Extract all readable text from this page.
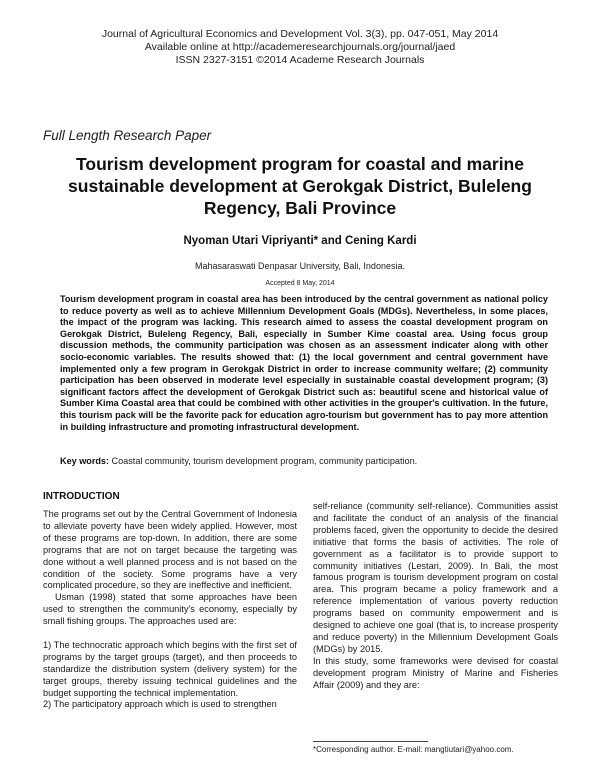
Journal of Agricultural Economics and Development Vol. 3(3), pp. 047-051, May 2014
Available online at http://academeresearchjournals.org/journal/jaed
ISSN 2327-3151 ©2014 Academe Research Journals
Full Length Research Paper
Tourism development program for coastal and marine sustainable development at Gerokgak District, Buleleng Regency, Bali Province
Nyoman Utari Vipriyanti* and Cening Kardi
Mahasaraswati Denpasar University, Bali, Indonesia.
Accepted 8 May, 2014
Tourism development program in coastal area has been introduced by the central government as national policy to reduce poverty as well as to achieve Millennium Development Goals (MDGs). Nevertheless, in some places, the impact of the program was lacking. This research aimed to assess the coastal development program on Gerokgak District, Buleleng Regency, Bali, especially in Sumber Kime coastal area. Using focus group discussion methods, the community participation was chosen as an assessment indicater along with other socio-economic variables. The results showed that: (1) the local government and central government have implemented only a few program in Gerokgak District in order to increase community welfare; (2) community participation has been observed in moderate level especially in sustainable coastal development program; (3) significant factors affect the development of Gerokgak District such as: beautiful scene and historical value of Sumber Kima Coastal area that could be combined with other activities in the grouper's cultivation. In the future, this tourism pack will be the favorite pack for education agro-tourism but government has to pay more attention in building infrastructure and promoting infrastructural development.
Key words: Coastal community, tourism development program, community participation.
INTRODUCTION

The programs set out by the Central Government of Indonesia to alleviate poverty have been widely applied. However, most of these programs are top-down. In addition, there are some programs that are not on target because the targeting was done without a well planned process and is not based on the condition of the society. Some programs have a very complicated procedure, so they are ineffective and inefficient.

Usman (1998) stated that some approaches have been used to strengthen the community's economy, especially by small fishing groups. The approaches used are:

1) The technocratic approach which begins with the first set of programs by the target groups (target), and then proceeds to standardize the distribution system (delivery system) for the target groups, thereby issuing technical guidelines and the budget supporting the technical implementation.

2) The participatory approach which is used to strengthen

self-reliance (community self-reliance). Communities assist and facilitate the conduct of an analysis of the financial problems faced, given the opportunity to decide the desired initiative that forms the basis of activities. The role of government as a facilitator is to provide support to community initiatives (Lestari, 2009). In Bali, the most famous program is tourism development program on costal area. This program became a policy framework and a reference implementation of various poverty reduction programs based on community empowerment and is designed to achieve one goal (that is, to increase prosperity and reduce poverty) in the Millennium Development Goals (MDGs) by 2015.

In this study, some frameworks were devised for coastal development program Ministry of Marine and Fisheries Affair (2009) and they are:

*Corresponding author. E-mail: mangtiutari@yahoo.com.
